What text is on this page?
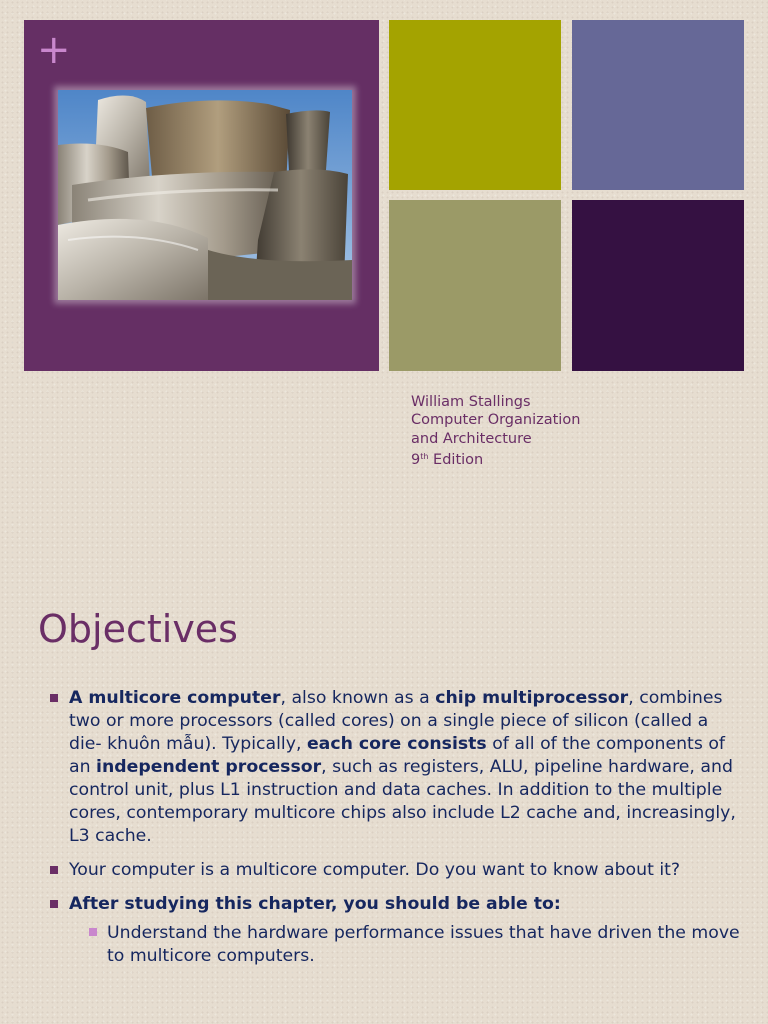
+
William Stallings
Computer Organization
and Architecture
9th Edition
Objectives
A multicore computer, also known as a chip multiprocessor, combines two or more processors (called cores) on a single piece of silicon (called a die- khuôn mẫu). Typically, each core consists of all of the components of an independent processor, such as registers, ALU, pipeline hardware, and control unit, plus L1 instruction and data caches. In addition to the multiple cores, contemporary multicore chips also include L2 cache and, increasingly, L3 cache.
Your computer is a multicore computer. Do you want to know about it?
After studying this chapter, you should be able to:
Understand the hardware performance issues that have driven the move to multicore computers.
